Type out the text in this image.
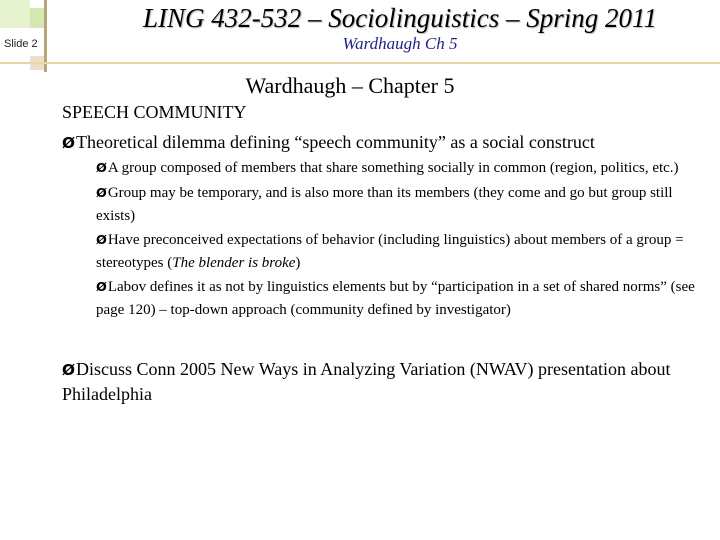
LING 432-532 – Sociolinguistics – Spring 2011
Wardhaugh Ch 5
Slide 2
Wardhaugh – Chapter 5
SPEECH COMMUNITY
ØTheoretical dilemma defining “speech community” as a social construct
ØA group composed of members that share something socially in common (region, politics, etc.)
ØGroup may be temporary, and is also more than its members (they come and go but group still exists)
ØHave preconceived expectations of behavior (including linguistics) about members of a group = stereotypes (The blender is broke)
ØLabov defines it as not by linguistics elements but by “participation in a set of shared norms” (see page 120) – top-down approach (community defined by investigator)
ØDiscuss Conn 2005 New Ways in Analyzing Variation (NWAV) presentation about Philadelphia
